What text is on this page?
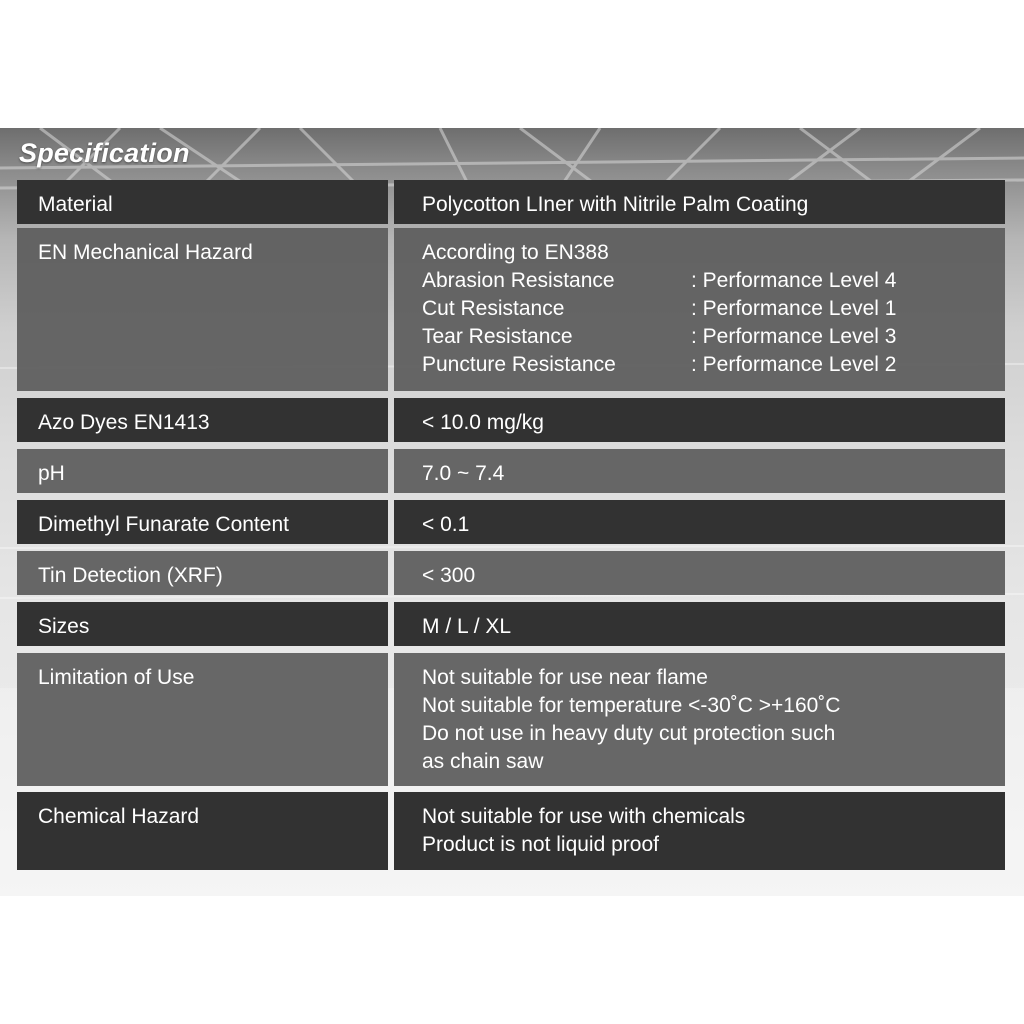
Specification
Material	Polycotton LIner with Nitrile Palm Coating
EN Mechanical Hazard	According to EN388
Abrasion Resistance	: Performance Level 4
Cut Resistance	: Performance Level 1
Tear Resistance	: Performance Level 3
Puncture Resistance	: Performance Level 2
Azo Dyes EN1413	< 10.0 mg/kg
pH	7.0 ~ 7.4
Dimethyl Funarate Content	< 0.1
Tin Detection (XRF)	< 300
Sizes	M / L / XL
Limitation of Use	Not suitable for use near flame
Not suitable for temperature <-30˚C >+160˚C
Do not use in heavy duty cut protection such
as chain saw
Chemical Hazard	Not suitable for use with chemicals
Product is not liquid proof
